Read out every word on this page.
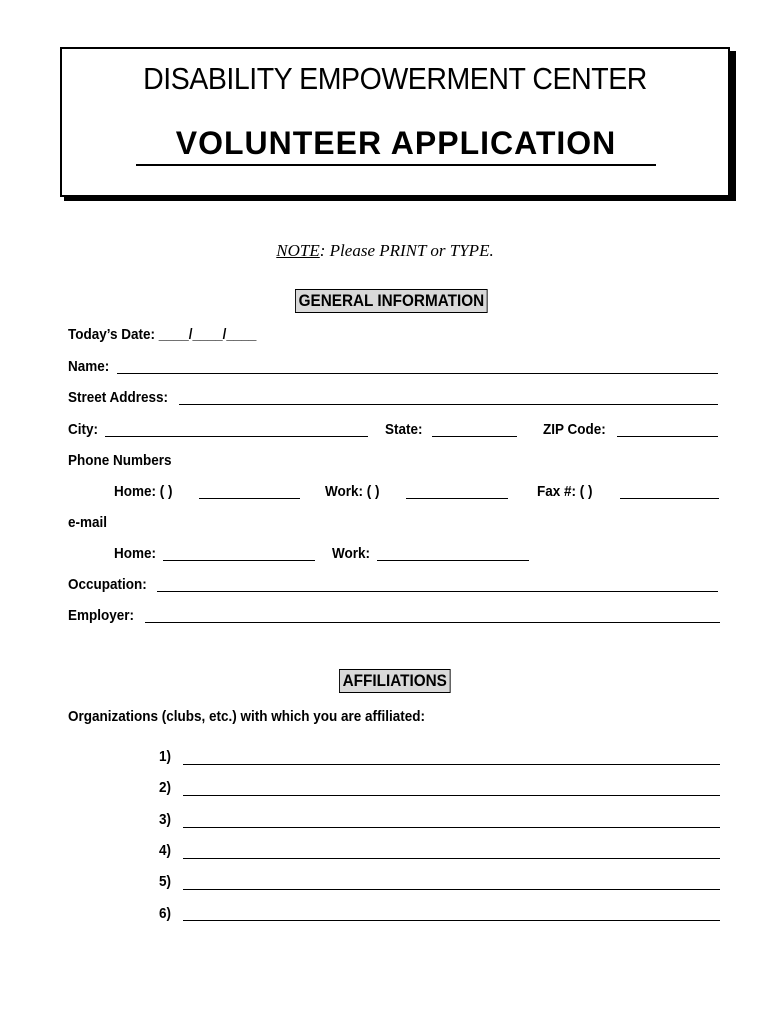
DISABILITY EMPOWERMENT CENTER
VOLUNTEER APPLICATION
NOTE: Please PRINT or TYPE.
GENERAL INFORMATION
Today’s Date: ____/____/____
Name:
Street Address:
City:	State:	ZIP Code:
Phone Numbers
Home: ( )	Work: ( )	Fax #: ( )
e-mail
Home:	Work:
Occupation:
Employer:
AFFILIATIONS
Organizations (clubs, etc.) with which you are affiliated:
1)
2)
3)
4)
5)
6)
